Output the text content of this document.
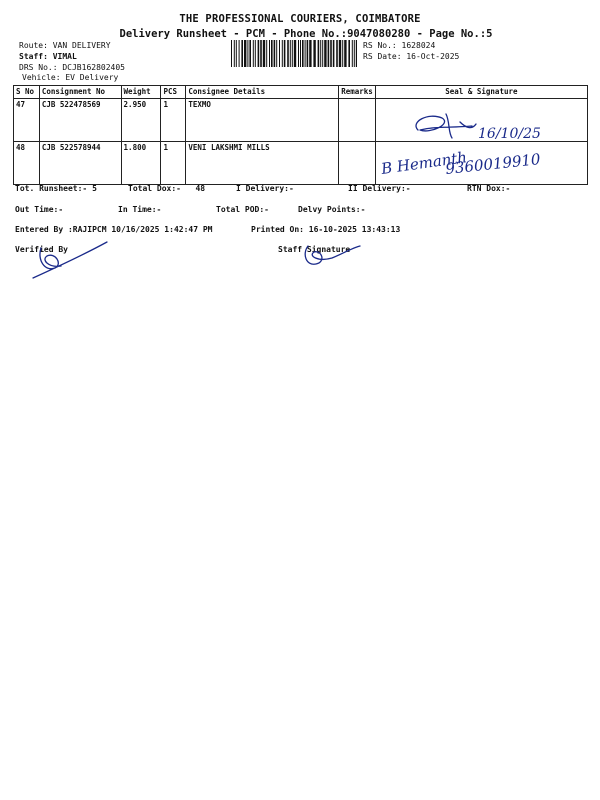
THE PROFESSIONAL COURIERS, COIMBATORE
Delivery Runsheet - PCM - Phone No.:9047080280 - Page No.:5
Route: VAN DELIVERY
Staff: VIMAL
DRS No.: DCJB162802405
Vehicle: EV Delivery
RS No.: 1628024
RS Date: 16-Oct-2025
S No	Consignment No	Weight	PCS	Consignee Details	Remarks	Seal & Signature
47	CJB 522478569	2.950	1	TEXMO		
48	CJB 522578944	1.800	1	VENI LAKSHMI MILLS		
16/10/25
B Hemanth
9360019910
Tot. Runsheet:- 5	Total Dox:- 48	I Delivery:-	II Delivery:-	RTN Dox:-
Out Time:-	In Time:-	Total POD:-	Delvy Points:-
Entered By :RAJIPCM 10/16/2025 1:42:47 PM	Printed On: 16-10-2025 13:43:13
Verified By	Staff Signature
